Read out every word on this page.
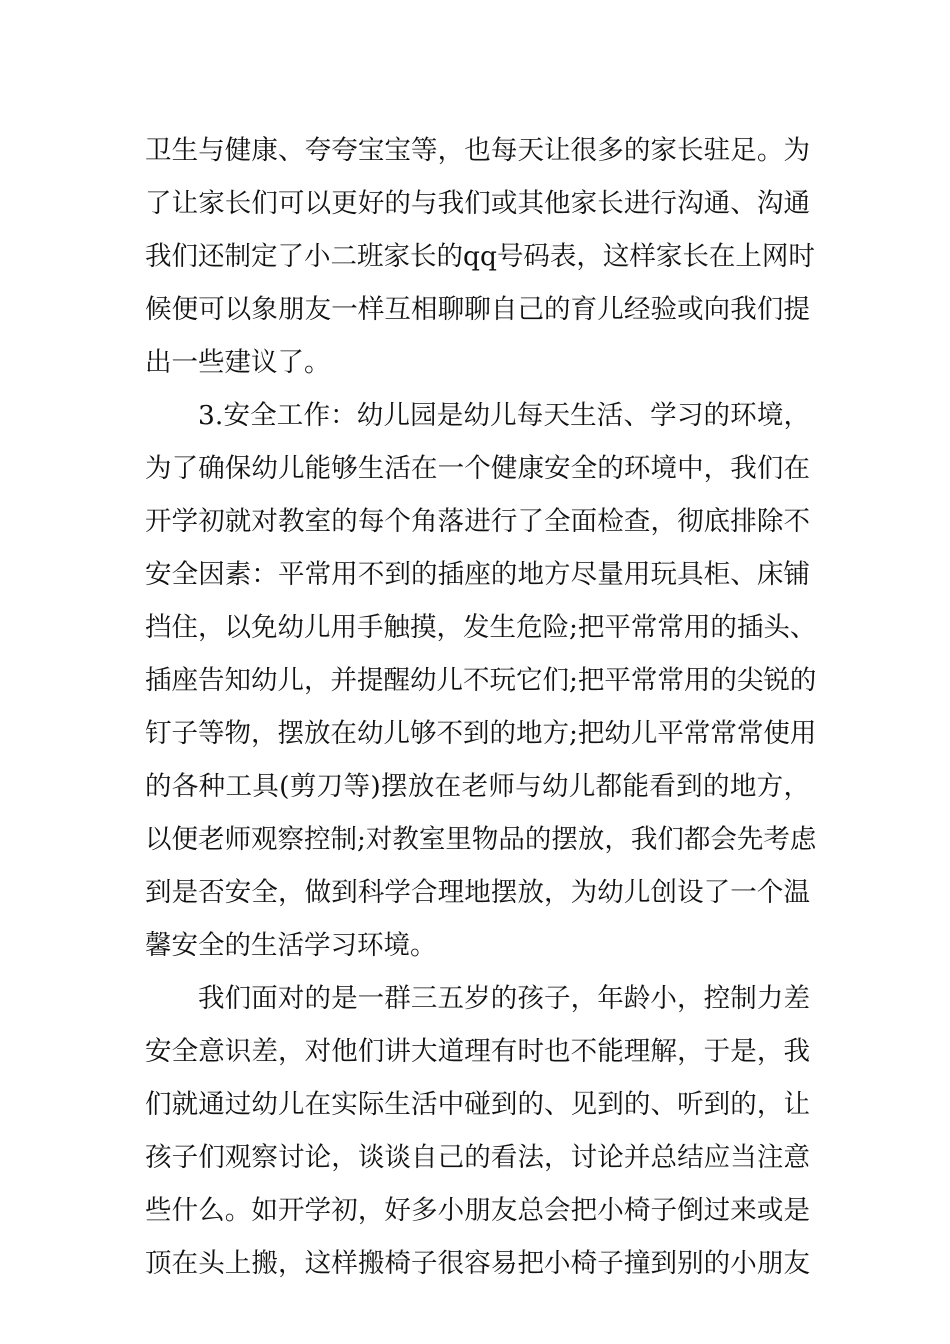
卫生与健康、夸夸宝宝等，也每天让很多的家长驻足。为
了让家长们可以更好的与我们或其他家长进行沟通、沟通
我们还制定了小二班家长的qq号码表，这样家长在上网时
候便可以象朋友一样互相聊聊自己的育儿经验或向我们提
出一些建议了。
3.安全工作：幼儿园是幼儿每天生活、学习的环境，
为了确保幼儿能够生活在一个健康安全的环境中，我们在
开学初就对教室的每个角落进行了全面检查，彻底排除不
安全因素：平常用不到的插座的地方尽量用玩具柜、床铺
挡住，以免幼儿用手触摸，发生危险;把平常常用的插头、
插座告知幼儿，并提醒幼儿不玩它们;把平常常用的尖锐的
钉子等物，摆放在幼儿够不到的地方;把幼儿平常常常使用
的各种工具(剪刀等)摆放在老师与幼儿都能看到的地方，
以便老师观察控制;对教室里物品的摆放，我们都会先考虑
到是否安全，做到科学合理地摆放，为幼儿创设了一个温
馨安全的生活学习环境。
我们面对的是一群三五岁的孩子，年龄小，控制力差
安全意识差，对他们讲大道理有时也不能理解，于是，我
们就通过幼儿在实际生活中碰到的、见到的、听到的，让
孩子们观察讨论，谈谈自己的看法，讨论并总结应当注意
些什么。如开学初，好多小朋友总会把小椅子倒过来或是
顶在头上搬，这样搬椅子很容易把小椅子撞到别的小朋友
